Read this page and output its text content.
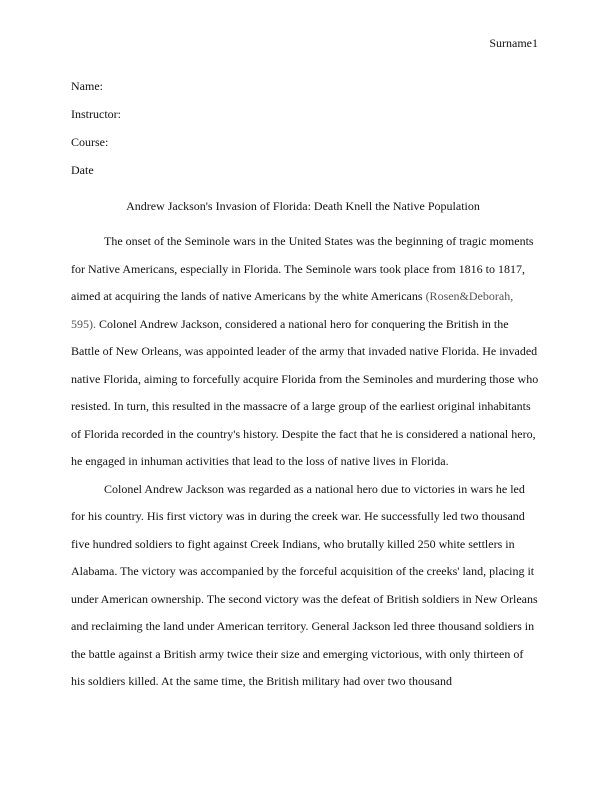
Surname1
Name:
Instructor:
Course:
Date
Andrew Jackson's Invasion of Florida: Death Knell the Native Population
The onset of the Seminole wars in the United States was the beginning of tragic moments
for Native Americans, especially in Florida. The Seminole wars took place from 1816 to 1817,
aimed at acquiring the lands of native Americans by the white Americans (Rosen&Deborah,
595). Colonel Andrew Jackson, considered a national hero for conquering the British in the
Battle of New Orleans, was appointed leader of the army that invaded native Florida. He invaded
native Florida, aiming to forcefully acquire Florida from the Seminoles and murdering those who
resisted. In turn, this resulted in the massacre of a large group of the earliest original inhabitants
of Florida recorded in the country's history. Despite the fact that he is considered a national hero,
he engaged in inhuman activities that lead to the loss of native lives in Florida.
Colonel Andrew Jackson was regarded as a national hero due to victories in wars he led
for his country. His first victory was in during the creek war. He successfully led two thousand
five hundred soldiers to fight against Creek Indians, who brutally killed 250 white settlers in
Alabama. The victory was accompanied by the forceful acquisition of the creeks' land, placing it
under American ownership. The second victory was the defeat of British soldiers in New Orleans
and reclaiming the land under American territory. General Jackson led three thousand soldiers in
the battle against a British army twice their size and emerging victorious, with only thirteen of
his soldiers killed. At the same time, the British military had over two thousand
